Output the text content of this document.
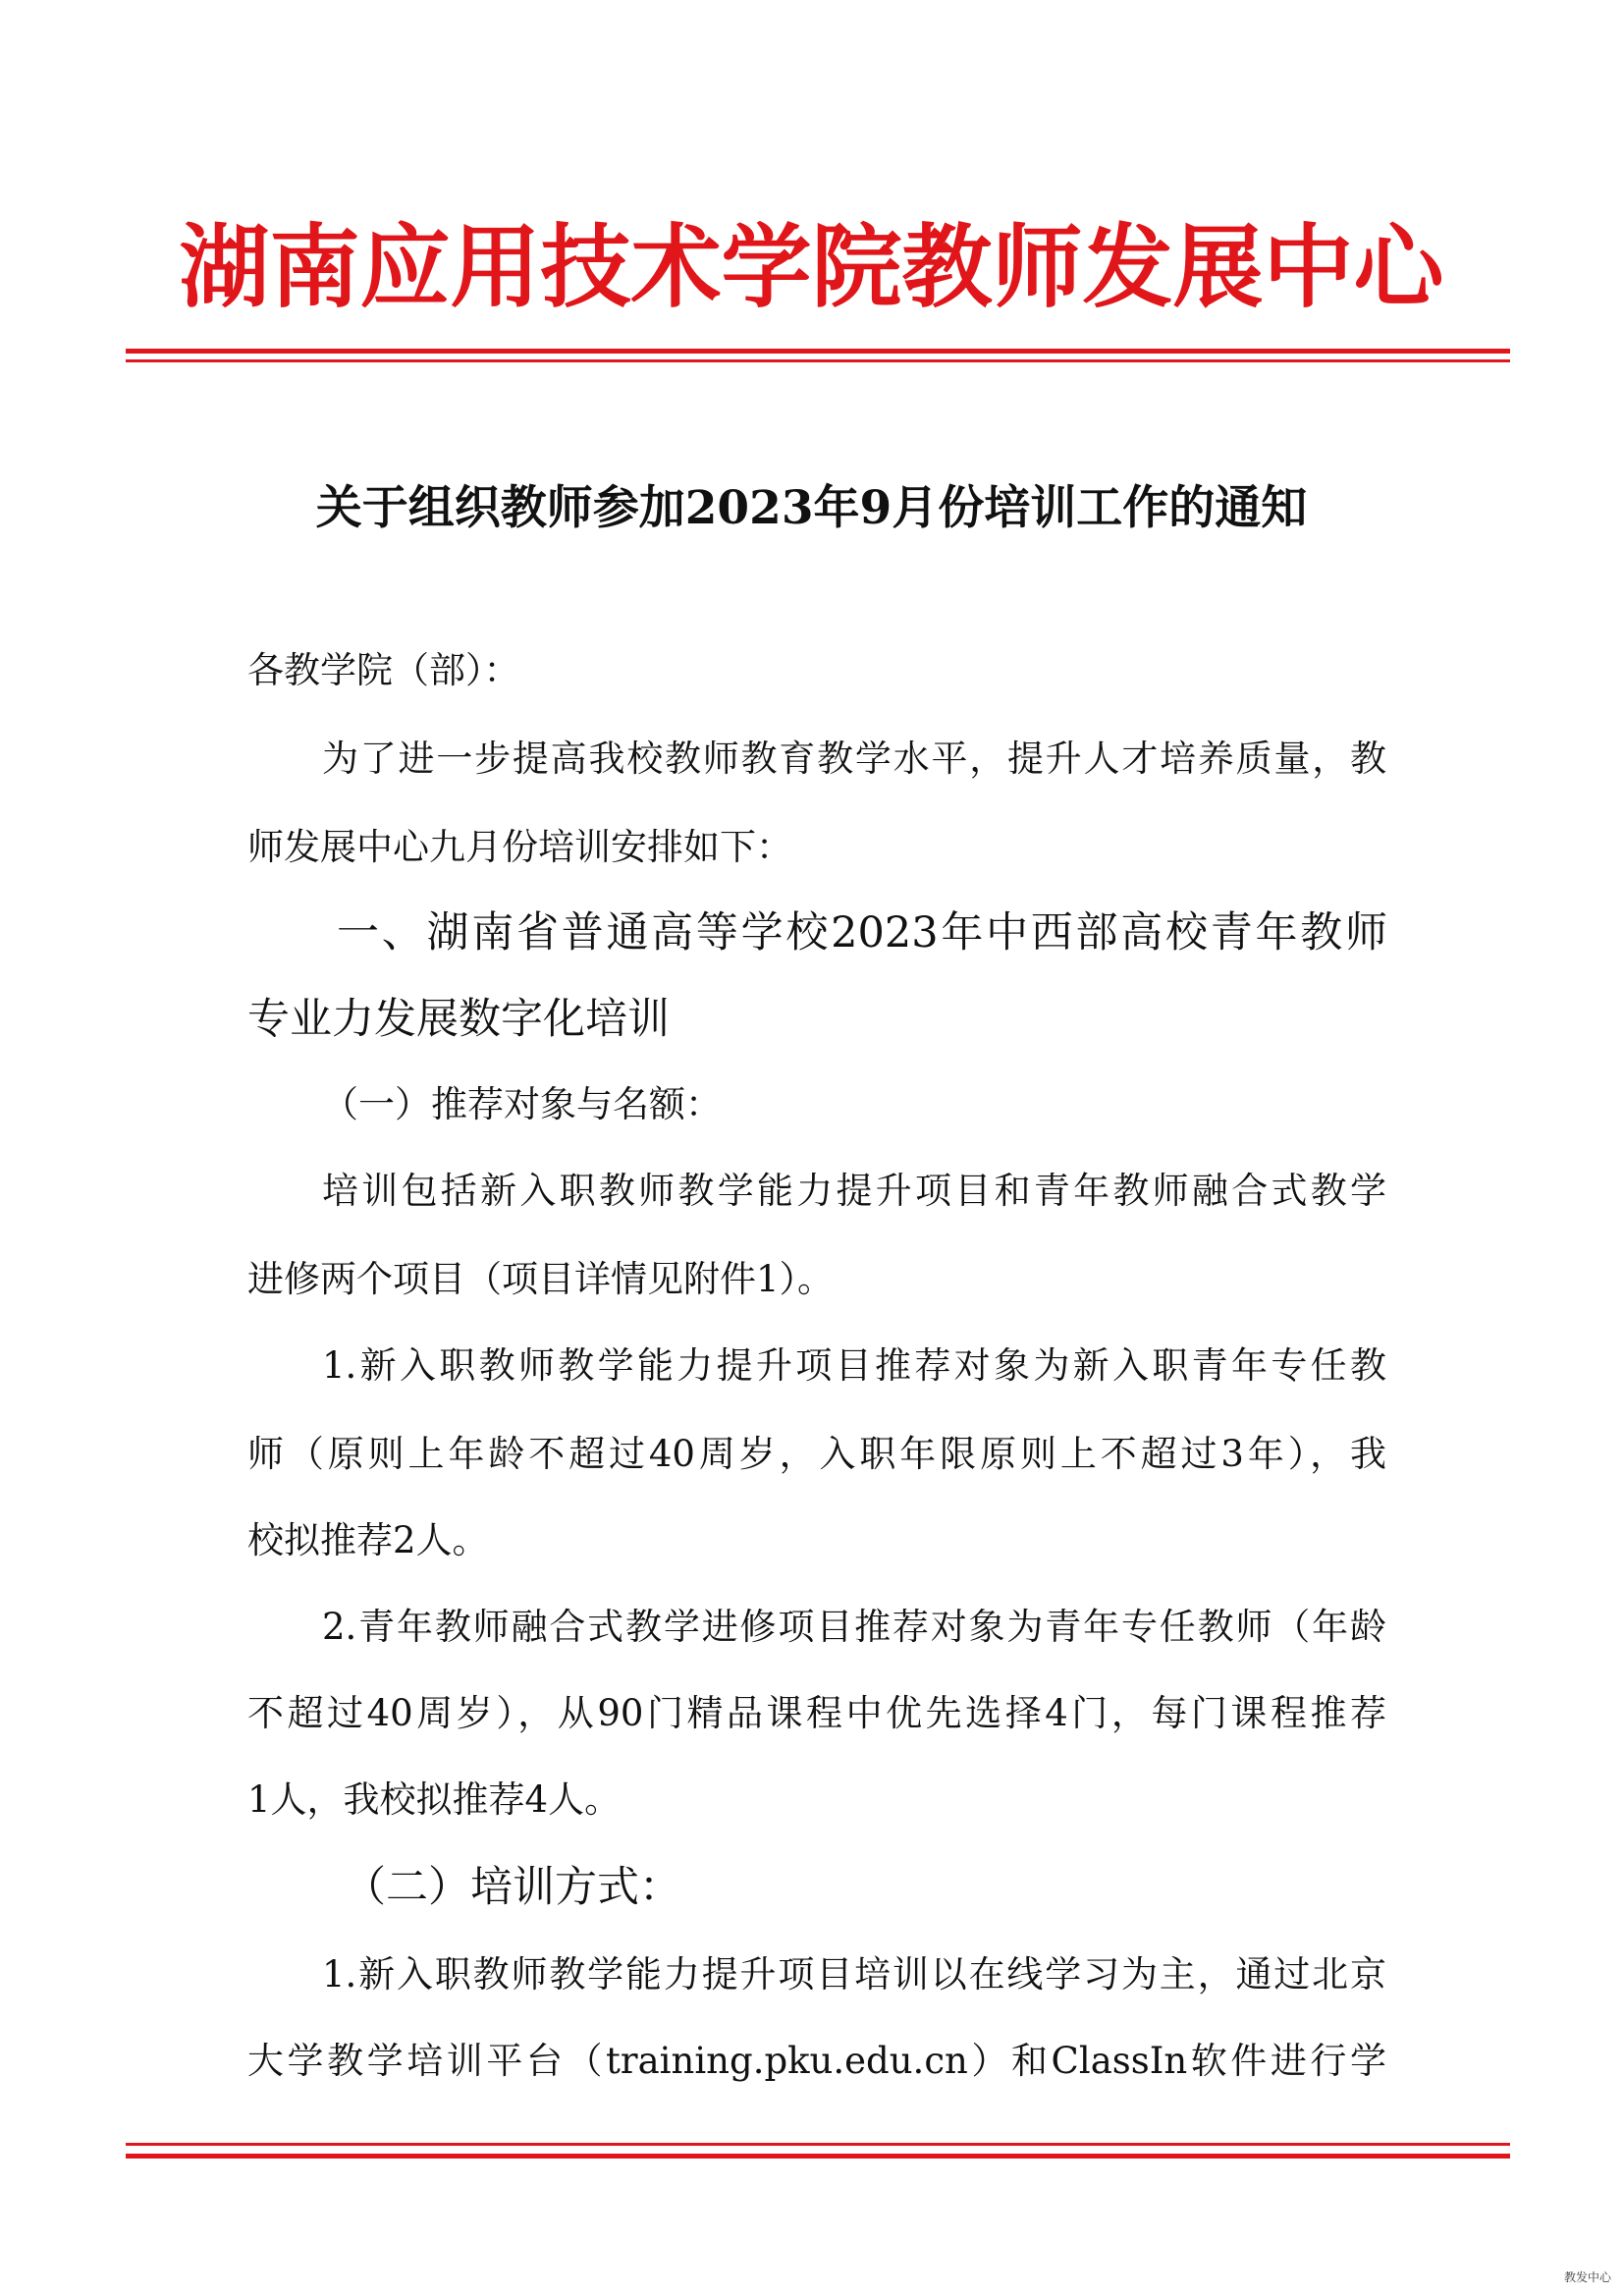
湖南应用技术学院教师发展中心
关于组织教师参加2023年9月份培训工作的通知
各教学院（部）：
为了进一步提高我校教师教育教学水平，提升人才培养质量，教
师发展中心九月份培训安排如下：
一、湖南省普通高等学校2023年中西部高校青年教师
专业力发展数字化培训
（一）推荐对象与名额：
培训包括新入职教师教学能力提升项目和青年教师融合式教学
进修两个项目（项目详情见附件1）。
1.新入职教师教学能力提升项目推荐对象为新入职青年专任教
师（原则上年龄不超过40周岁，入职年限原则上不超过3年），我
校拟推荐2人。
2.青年教师融合式教学进修项目推荐对象为青年专任教师（年龄
不超过40周岁），从90门精品课程中优先选择4门，每门课程推荐
1人，我校拟推荐4人。
（二）培训方式：
1.新入职教师教学能力提升项目培训以在线学习为主，通过北京
大学教学培训平台（training.pku.edu.cn）和ClassIn软件进行学
教发中心
